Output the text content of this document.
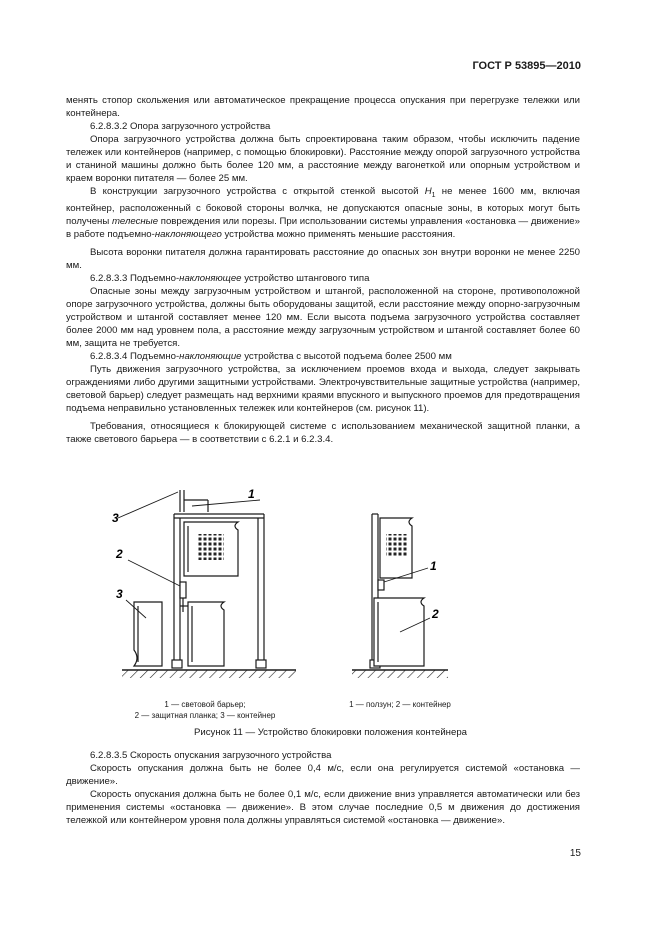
ГОСТ Р 53895—2010

менять стопор скольжения или автоматическое прекращение процесса опускания при перегрузке тележки или контейнера.

6.2.8.3.2 Опора загрузочного устройства

Опора загрузочного устройства должна быть спроектирована таким образом, чтобы исключить падение тележек или контейнеров (например, с помощью блокировки). Расстояние между опорой загрузочного устройства и станиной машины должно быть более 120 мм, а расстояние между вагонеткой или опорным устройством и краем воронки питателя — более 25 мм.

В конструкции загрузочного устройства с открытой стенкой высотой $H_1$ не менее 1600 мм, включая контейнер, расположенный с боковой стороны волчка, не допускаются опасные зоны, в которых могут быть получены телесные повреждения или порезы. При использовании системы управления «остановка — движение» в работе подъемно-наклоняющего устройства можно применять меньшие расстояния.

Высота воронки питателя должна гарантировать расстояние до опасных зон внутри воронки не менее 2250 мм.

6.2.8.3.3 Подъемно-наклоняющее устройство штангового типа

Опасные зоны между загрузочным устройством и штангой, расположенной на стороне, противоположной опоре загрузочного устройства, должны быть оборудованы защитой, если расстояние между опорно-загрузочным устройством и штангой составляет менее 120 мм. Если высота подъема загрузочного устройства составляет более 2000 мм над уровнем пола, а расстояние между загрузочным устройством и штангой составляет более 60 мм, защита не требуется.

6.2.8.3.4 Подъемно-наклоняющие устройства с высотой подъема более 2500 мм

Путь движения загрузочного устройства, за исключением проемов входа и выхода, следует закрывать ограждениями либо другими защитными устройствами. Электрочувствительные защитные устройства (например, световой барьер) следует размещать над верхними краями впускного и выпускного проемов для предотвращения подъема неправильно установленных тележек или контейнеров (см. рисунок 11).

Требования, относящиеся к блокирующей системе с использованием механической защитной планки, а также светового барьера — в соответствии с 6.2.1 и 6.2.3.4.

3
1
2
3
1
2
1 — световой барьер;
2 — защитная планка; 3 — контейнер
1 — ползун; 2 — контейнер
Рисунок 11 — Устройство блокировки положения контейнера

6.2.8.3.5 Скорость опускания загрузочного устройства

Скорость опускания должна быть не более 0,4 м/с, если она регулируется системой «остановка — движение».

Скорость опускания должна быть не более 0,1 м/с, если движение вниз управляется автоматически или без применения системы «остановка — движение». В этом случае последние 0,5 м движения до достижения тележкой или контейнером уровня пола должны управляться системой «остановка — движение».

15
